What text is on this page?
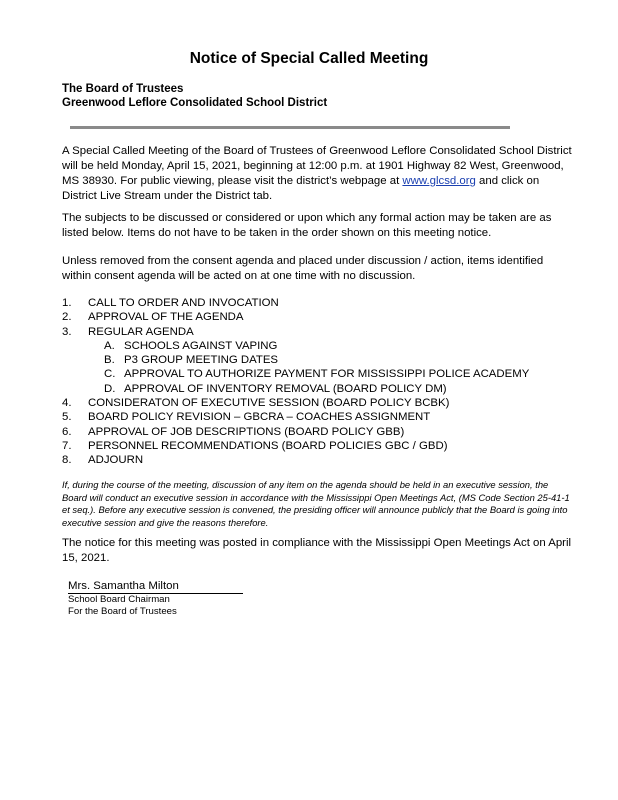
Notice of Special Called Meeting
The Board of Trustees
Greenwood Leflore Consolidated School District

A Special Called Meeting of the Board of Trustees of Greenwood Leflore Consolidated School District will be held Monday, April 15, 2021, beginning at 12:00 p.m. at 1901 Highway 82 West, Greenwood, MS 38930. For public viewing, please visit the district’s webpage at www.glcsd.org and click on District Live Stream under the District tab.

The subjects to be discussed or considered or upon which any formal action may be taken are as listed below. Items do not have to be taken in the order shown on this meeting notice.

Unless removed from the consent agenda and placed under discussion / action, items identified within consent agenda will be acted on at one time with no discussion.

1.	CALL TO ORDER AND INVOCATION
2.	APPROVAL OF THE AGENDA
3.	REGULAR AGENDA
A. SCHOOLS AGAINST VAPING
B. P3 GROUP MEETING DATES
C. APPROVAL TO AUTHORIZE PAYMENT FOR MISSISSIPPI POLICE ACADEMY
D. APPROVAL OF INVENTORY REMOVAL (BOARD POLICY DM)
4.	CONSIDERATON OF EXECUTIVE SESSION (BOARD POLICY BCBK)
5.	BOARD POLICY REVISION – GBCRA – COACHES ASSIGNMENT
6.	APPROVAL OF JOB DESCRIPTIONS (BOARD POLICY GBB)
7.	PERSONNEL RECOMMENDATIONS (BOARD POLICIES GBC / GBD)
8.	ADJOURN

If, during the course of the meeting, discussion of any item on the agenda should be held in an executive session, the Board will conduct an executive session in accordance with the Mississippi Open Meetings Act, (MS Code Section 25-41-1 et seq.). Before any executive session is convened, the presiding officer will announce publicly that the Board is going into executive session and give the reasons therefore.

The notice for this meeting was posted in compliance with the Mississippi Open Meetings Act on April 15, 2021.

Mrs. Samantha Milton
School Board Chairman
For the Board of Trustees
